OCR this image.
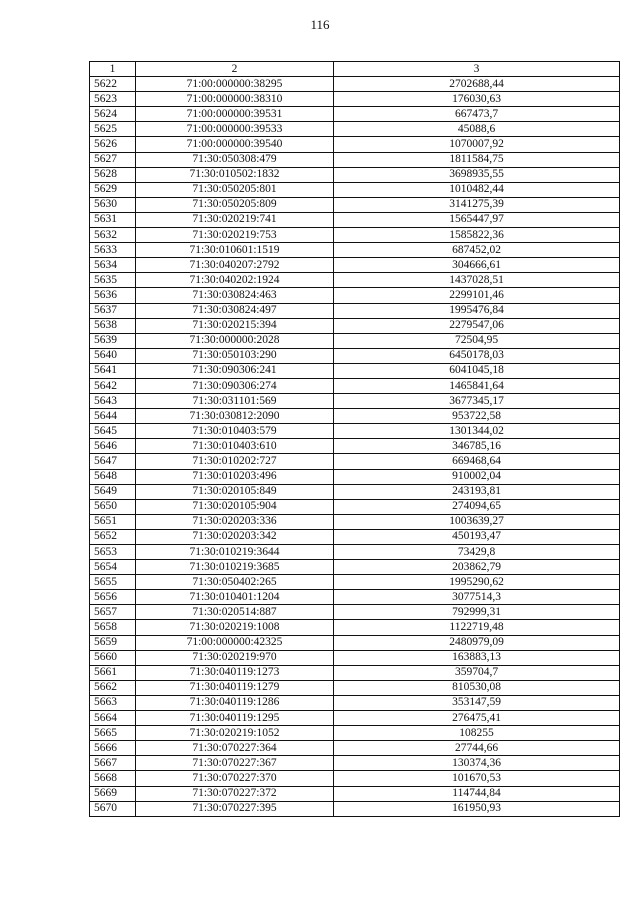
116
1	2	3
5622	71:00:000000:38295	2702688,44
5623	71:00:000000:38310	176030,63
5624	71:00:000000:39531	667473,7
5625	71:00:000000:39533	45088,6
5626	71:00:000000:39540	1070007,92
5627	71:30:050308:479	1811584,75
5628	71:30:010502:1832	3698935,55
5629	71:30:050205:801	1010482,44
5630	71:30:050205:809	3141275,39
5631	71:30:020219:741	1565447,97
5632	71:30:020219:753	1585822,36
5633	71:30:010601:1519	687452,02
5634	71:30:040207:2792	304666,61
5635	71:30:040202:1924	1437028,51
5636	71:30:030824:463	2299101,46
5637	71:30:030824:497	1995476,84
5638	71:30:020215:394	2279547,06
5639	71:30:000000:2028	72504,95
5640	71:30:050103:290	6450178,03
5641	71:30:090306:241	6041045,18
5642	71:30:090306:274	1465841,64
5643	71:30:031101:569	3677345,17
5644	71:30:030812:2090	953722,58
5645	71:30:010403:579	1301344,02
5646	71:30:010403:610	346785,16
5647	71:30:010202:727	669468,64
5648	71:30:010203:496	910002,04
5649	71:30:020105:849	243193,81
5650	71:30:020105:904	274094,65
5651	71:30:020203:336	1003639,27
5652	71:30:020203:342	450193,47
5653	71:30:010219:3644	73429,8
5654	71:30:010219:3685	203862,79
5655	71:30:050402:265	1995290,62
5656	71:30:010401:1204	3077514,3
5657	71:30:020514:887	792999,31
5658	71:30:020219:1008	1122719,48
5659	71:00:000000:42325	2480979,09
5660	71:30:020219:970	163883,13
5661	71:30:040119:1273	359704,7
5662	71:30:040119:1279	810530,08
5663	71:30:040119:1286	353147,59
5664	71:30:040119:1295	276475,41
5665	71:30:020219:1052	108255
5666	71:30:070227:364	27744,66
5667	71:30:070227:367	130374,36
5668	71:30:070227:370	101670,53
5669	71:30:070227:372	114744,84
5670	71:30:070227:395	161950,93
